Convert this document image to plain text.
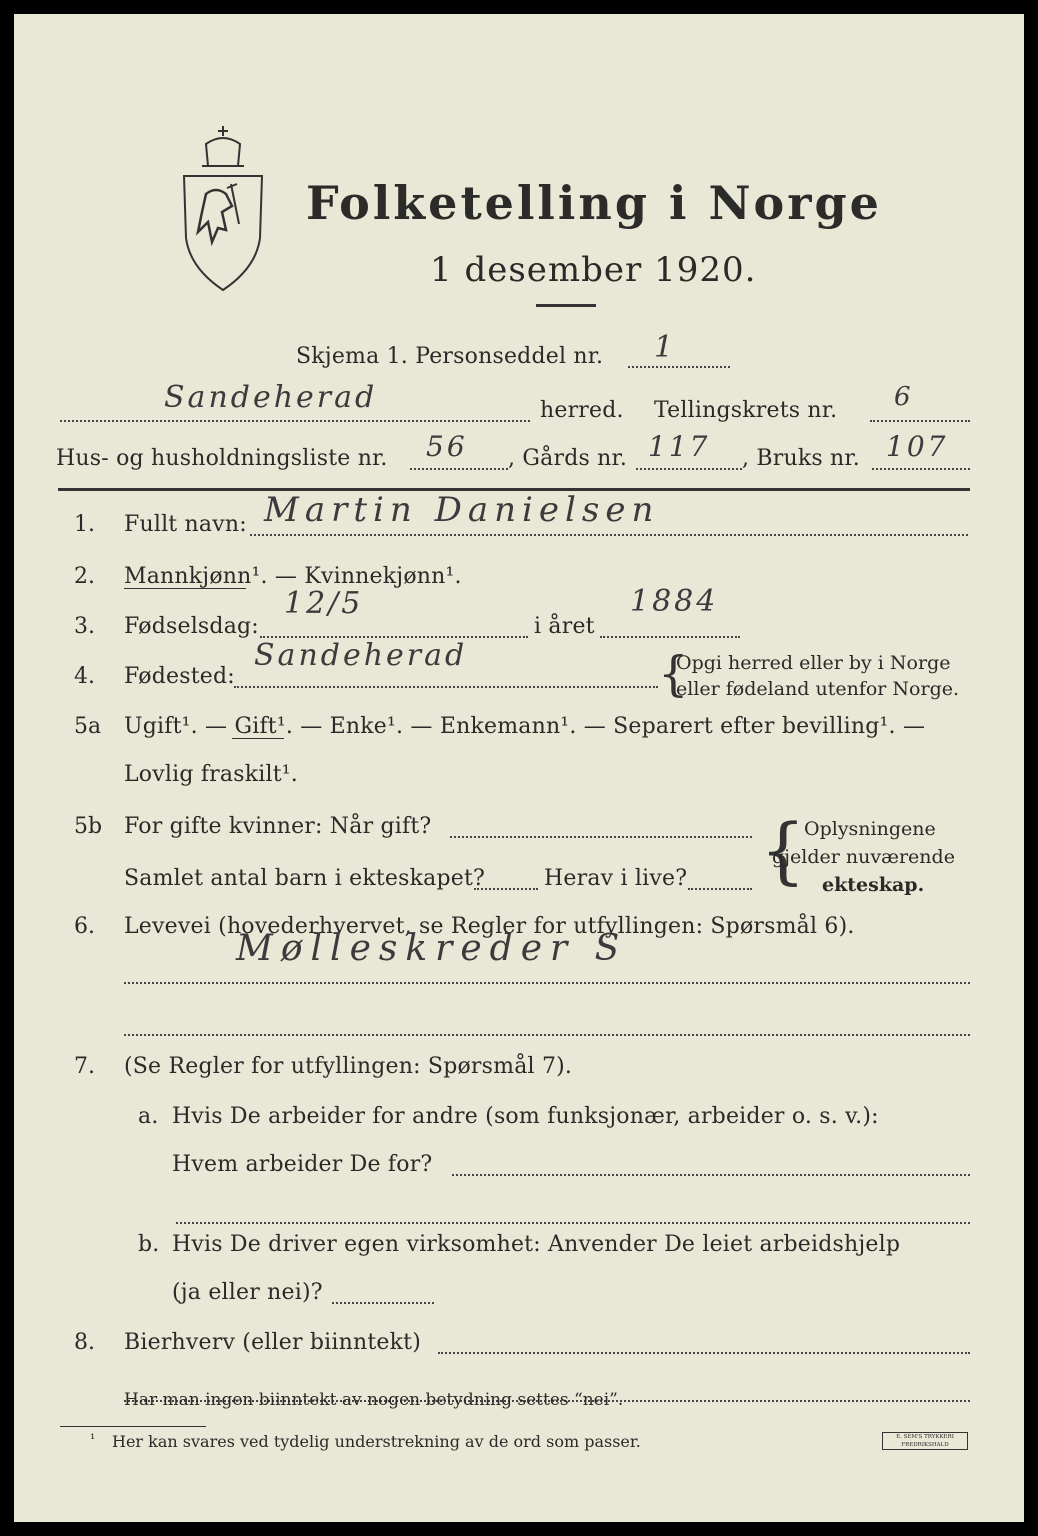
Folketelling i Norge
1 desember 1920.
Skjema 1. Personseddel nr. 1
Sandeherad	herred. Tellingskrets nr. 6
Hus- og husholdningsliste nr. 56 , Gårds nr. 117 , Bruks nr. 107
1. Fullt navn: Martin Danielsen
2. Mannkjønn¹. — Kvinnekjønn¹.
3. Fødselsdag:
12/5
i året
1884
4. Fødested:
Sandeherad	{
Opgi herred eller by i Norge
eller fødeland utenfor Norge.
5a Ugift¹. — Gift¹. — Enke¹. — Enkemann¹. — Separert efter bevilling¹. —
Lovlig fraskilt¹.
5b For gifte kvinner: Når gift?
Samlet antal barn i ekteskapet?	Herav i live? {
Oplysningene
gjelder nuværende
ekteskap.
6. Levevei (hovederhvervet, se Regler for utfyllingen: Spørsmål 6).
Mølleskreder S
7. (Se Regler for utfyllingen: Spørsmål 7).
a. Hvis De arbeider for andre (som funksjonær, arbeider o. s. v.):
Hvem arbeider De for?
b. Hvis De driver egen virksomhet: Anvender De leiet arbeidshjelp
(ja eller nei)?
8. Bierhverv (eller biinntekt)
Har man ingen biinntekt av nogen betydning settes “nei”.
¹ Her kan svares ved tydelig understrekning av de ord som passer.	E. SEM'S TRYKKERI FREDRIKSHALD
